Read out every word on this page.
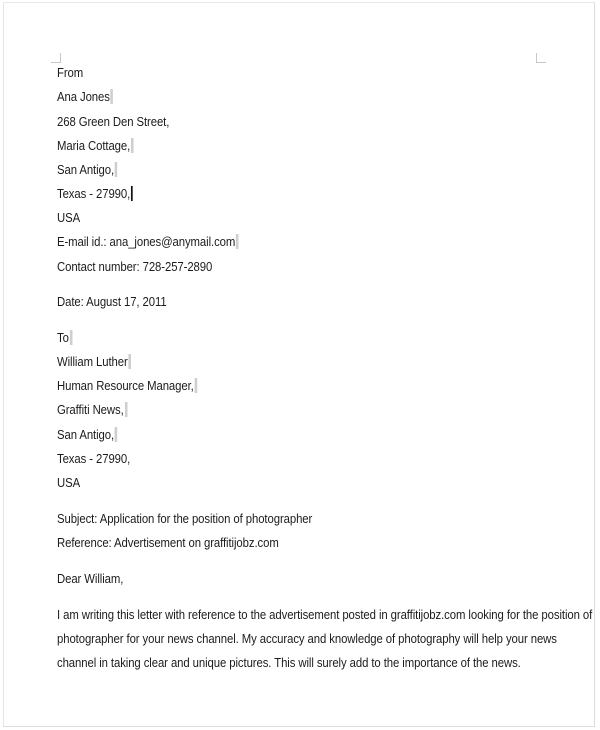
From
Ana Jones
268 Green Den Street,
Maria Cottage,
San Antigo,
Texas - 27990,
USA
E-mail id.: ana_jones@anymail.com
Contact number: 728-257-2890
Date: August 17, 2011
To
William Luther
Human Resource Manager,
Graffiti News,
San Antigo,
Texas - 27990,
USA
Subject: Application for the position of photographer
Reference: Advertisement on graffitijobz.com
Dear William,
I am writing this letter with reference to the advertisement posted in graffitijobz.com looking for the position of
photographer for your news channel. My accuracy and knowledge of photography will help your news
channel in taking clear and unique pictures. This will surely add to the importance of the news.
